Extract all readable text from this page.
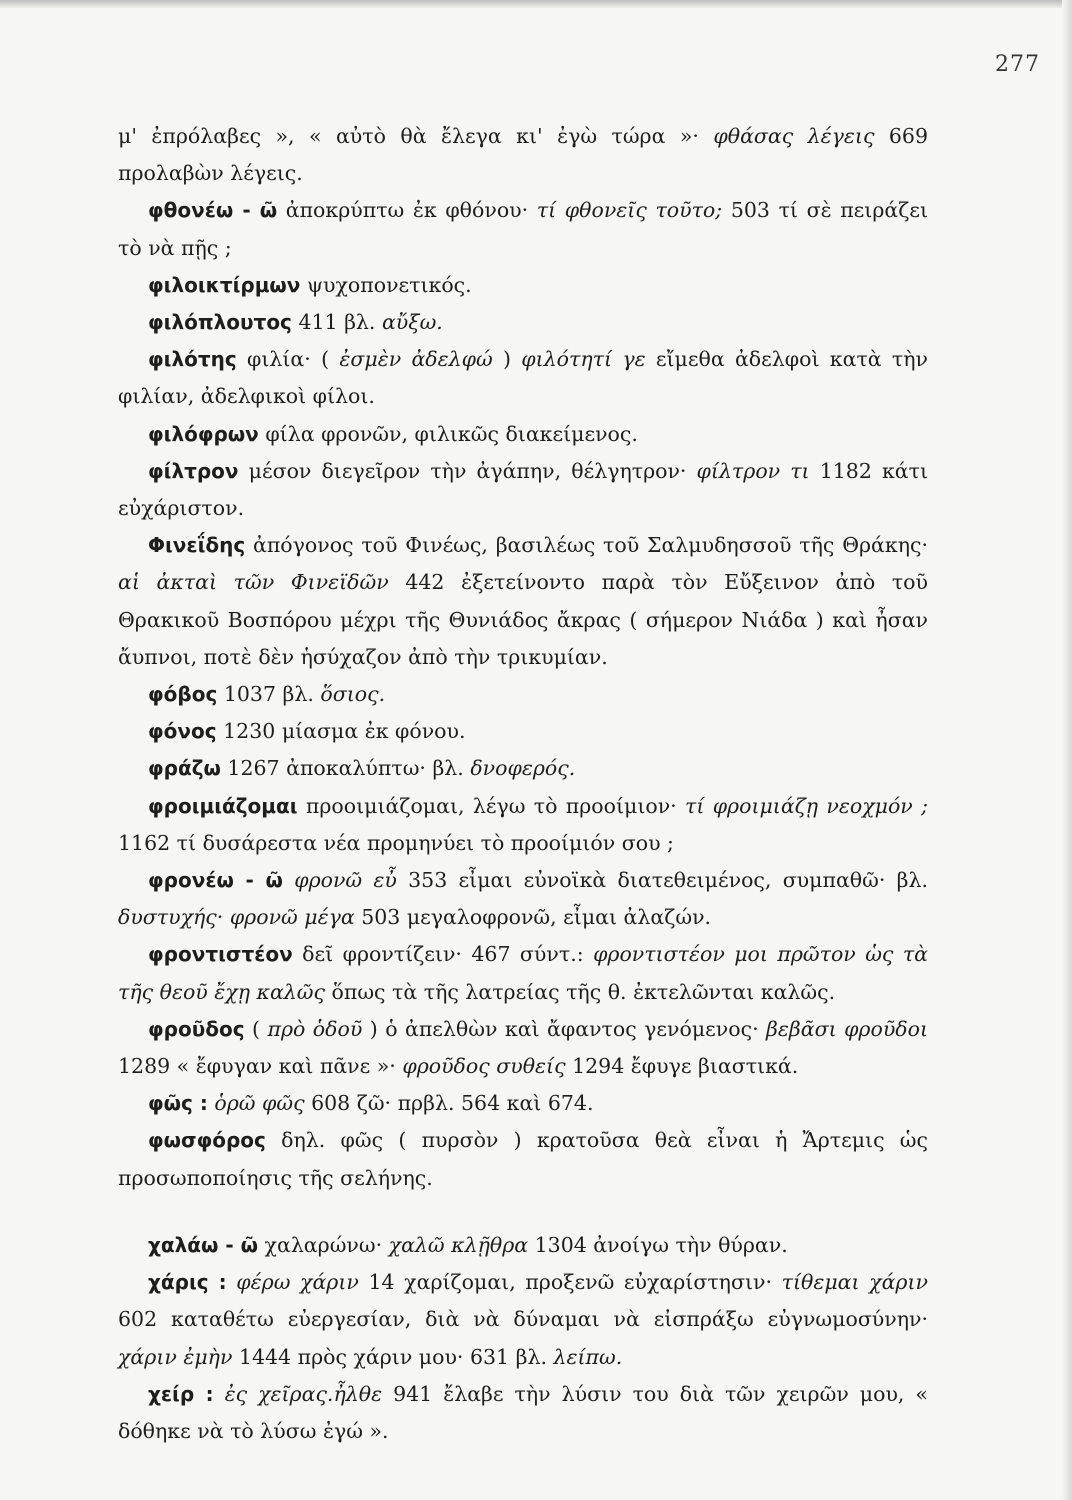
277

μ' ἐπρόλαβες », « αὐτὸ θὰ ἔλεγα κι' ἐγὼ τώρα »· φθάσας λέγεις 669 προλαβὼν λέγεις.

φθονέω - ῶ ἀποκρύπτω ἐκ φθόνου· τί φθονεῖς τοῦτο; 503 τί σὲ πειράζει τὸ νὰ πῇς ;

φιλοικτίρμων ψυχοπονετικός.

φιλόπλουτος 411 βλ. αὔξω.

φιλότης φιλία· ( ἐσμὲν ἀδελφώ ) φιλότητί γε εἴμεθα ἀδελφοὶ κατὰ τὴν φιλίαν, ἀδελφικοὶ φίλοι.

φιλόφρων φίλα φρονῶν, φιλικῶς διακείμενος.

φίλτρον μέσον διεγεῖρον τὴν ἀγάπην, θέλγητρον· φίλτρον τι 1182 κάτι εὐχάριστον.

Φινεΐδης ἀπόγονος τοῦ Φινέως, βασιλέως τοῦ Σαλμυδησσοῦ τῆς Θράκης· αἱ ἀκταὶ τῶν Φινεϊδῶν 442 ἐξετείνοντο παρὰ τὸν Εὔξεινον ἀπὸ τοῦ Θρακικοῦ Βοσπόρου μέχρι τῆς Θυνιάδος ἄκρας ( σήμερον Νιάδα ) καὶ ἦσαν ἄυπνοι, ποτὲ δὲν ἡσύχαζον ἀπὸ τὴν τρικυμίαν.

φόβος 1037 βλ. ὅσιος.

φόνος 1230 μίασμα ἐκ φόνου.

φράζω 1267 ἀποκαλύπτω· βλ. δνοφερός.

φροιμιάζομαι προοιμιάζομαι, λέγω τὸ προοίμιον· τί φροιμιάζῃ νεοχμόν ; 1162 τί δυσάρεστα νέα προμηνύει τὸ προοίμιόν σου ;

φρονέω - ῶ φρονῶ εὖ 353 εἶμαι εὐνοϊκὰ διατεθειμένος, συμπαθῶ· βλ. δυστυχής· φρονῶ μέγα 503 μεγαλοφρονῶ, εἶμαι ἀλαζών.

φροντιστέον δεῖ φροντίζειν· 467 σύντ.: φροντιστέον μοι πρῶτον ὡς τὰ τῆς θεοῦ ἔχῃ καλῶς ὅπως τὰ τῆς λατρείας τῆς θ. ἐκτελῶνται καλῶς.

φροῦδος ( πρὸ ὁδοῦ ) ὁ ἀπελθὼν καὶ ἄφαντος γενόμενος· βεβᾶσι φροῦδοι 1289 « ἔφυγαν καὶ πᾶνε »· φροῦδος συθείς 1294 ἔφυγε βιαστικά.

φῶς : ὁρῶ φῶς 608 ζῶ· πρβλ. 564 καὶ 674.

φωσφόρος δηλ. φῶς ( πυρσὸν ) κρατοῦσα θεὰ εἶναι ἡ Ἄρτεμις ὡς προσωποποίησις τῆς σελήνης.

χαλάω - ῶ χαλαρώνω· χαλῶ κλῇθρα 1304 ἀνοίγω τὴν θύραν.

χάρις : φέρω χάριν 14 χαρίζομαι, προξενῶ εὐχαρίστησιν· τίθεμαι χάριν 602 καταθέτω εὐεργεσίαν, διὰ νὰ δύναμαι νὰ εἰσπράξω εὐγνωμοσύνην· χάριν ἐμὴν 1444 πρὸς χάριν μου· 631 βλ. λείπω.

χείρ : ἐς χεῖρας.ἦλθε 941 ἔλαβε τὴν λύσιν του διὰ τῶν χειρῶν μου, « δόθηκε νὰ τὸ λύσω ἐγώ ».
